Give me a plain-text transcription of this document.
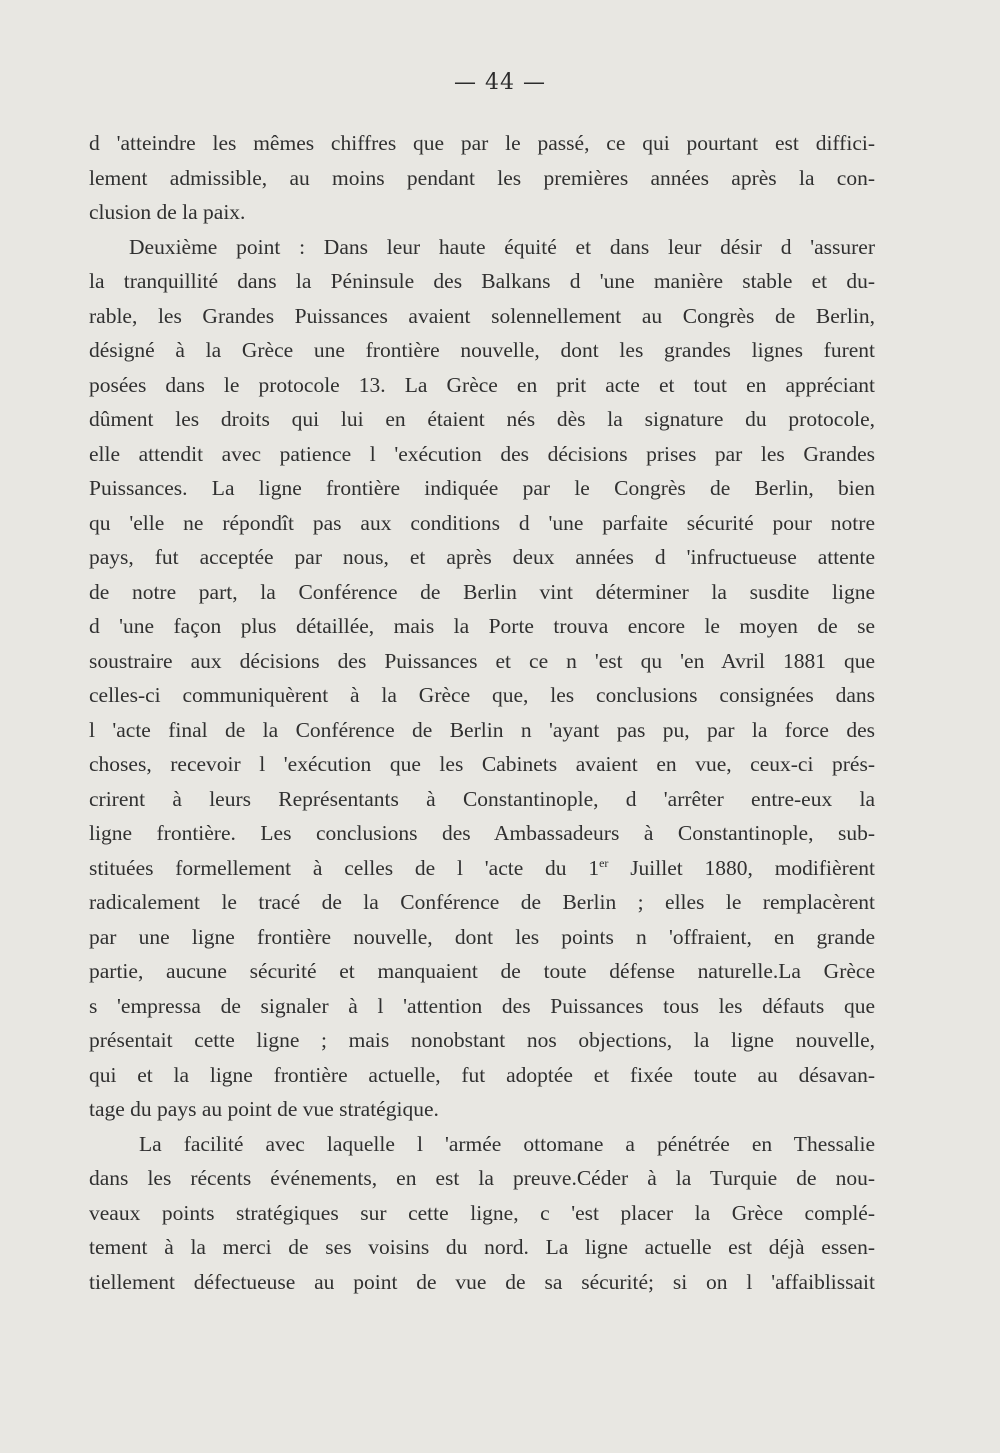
— 44 —
d 'atteindre les mêmes chiffres que par le passé, ce qui pourtant est diffici-
lement admissible, au moins pendant les premières années après la con-
clusion de la paix.
Deuxième point : Dans leur haute équité et dans leur désir d 'assurer
la tranquillité dans la Péninsule des Balkans d 'une manière stable et du-
rable, les Grandes Puissances avaient solennellement au Congrès de Berlin,
désigné à la Grèce une frontière nouvelle, dont les grandes lignes furent
posées dans le protocole 13. La Grèce en prit acte et tout en appréciant
dûment les droits qui lui en étaient nés dès la signature du protocole,
elle attendit avec patience l 'exécution des décisions prises par les Grandes
Puissances. La ligne frontière indiquée par le Congrès de Berlin, bien
qu 'elle ne répondît pas aux conditions d 'une parfaite sécurité pour notre
pays, fut acceptée par nous, et après deux années d 'infructueuse attente
de notre part, la Conférence de Berlin vint déterminer la susdite ligne
d 'une façon plus détaillée, mais la Porte trouva encore le moyen de se
soustraire aux décisions des Puissances et ce n 'est qu 'en Avril 1881 que
celles-ci communiquèrent à la Grèce que, les conclusions consignées dans
l 'acte final de la Conférence de Berlin n 'ayant pas pu, par la force des
choses, recevoir l 'exécution que les Cabinets avaient en vue, ceux-ci prés-
crirent à leurs Représentants à Constantinople, d 'arrêter entre-eux la
ligne frontière. Les conclusions des Ambassadeurs à Constantinople, sub-
stituées formellement à celles de l 'acte du 1er Juillet 1880, modifièrent
radicalement le tracé de la Conférence de Berlin ; elles le remplacèrent
par une ligne frontière nouvelle, dont les points n 'offraient, en grande
partie, aucune sécurité et manquaient de toute défense naturelle.La Grèce
s 'empressa de signaler à l 'attention des Puissances tous les défauts que
présentait cette ligne ; mais nonobstant nos objections, la ligne nouvelle,
qui et la ligne frontière actuelle, fut adoptée et fixée toute au désavan-
tage du pays au point de vue stratégique.
La facilité avec laquelle l 'armée ottomane a pénétrée en Thessalie
dans les récents événements, en est la preuve.Céder à la Turquie de nou-
veaux points stratégiques sur cette ligne, c 'est placer la Grèce complé-
tement à la merci de ses voisins du nord. La ligne actuelle est déjà essen-
tiellement défectueuse au point de vue de sa sécurité; si on l 'affaiblissait
